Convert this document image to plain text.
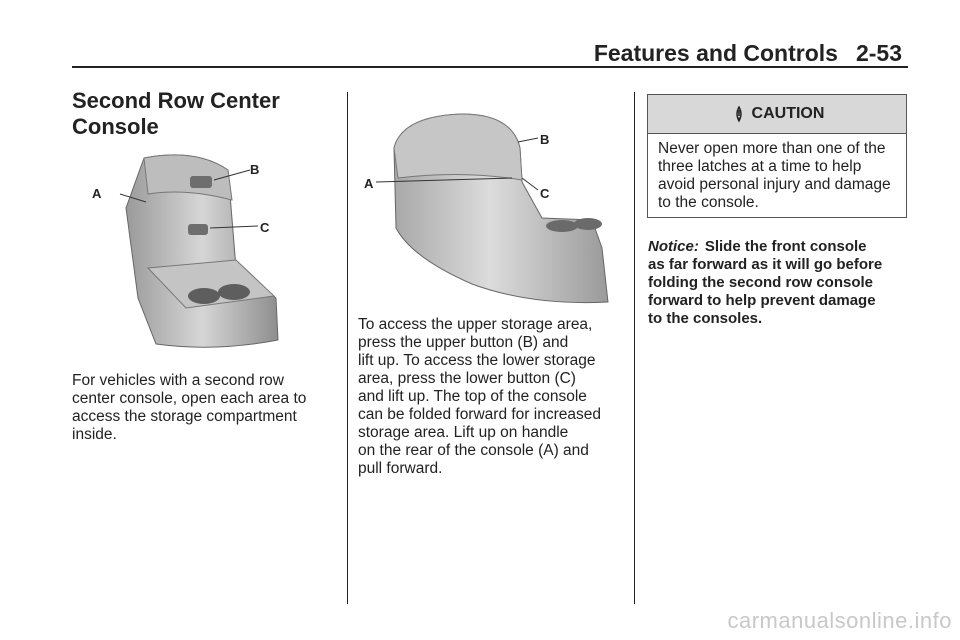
Features and Controls 2-53
Second Row Center Console
A
B
C

For vehicles with a second row
center console, open each area to
access the storage compartment
inside.

A
B
C

To access the upper storage area,
press the upper button (B) and
lift up. To access the lower storage
area, press the lower button (C)
and lift up. The top of the console
can be folded forward for increased
storage area. Lift up on handle
on the rear of the console (A) and
pull forward.

CAUTION
Never open more than one of the
three latches at a time to help
avoid personal injury and damage
to the console.

Notice: Slide the front console
as far forward as it will go before
folding the second row console
forward to help prevent damage
to the consoles.

carmanualsonline.info
